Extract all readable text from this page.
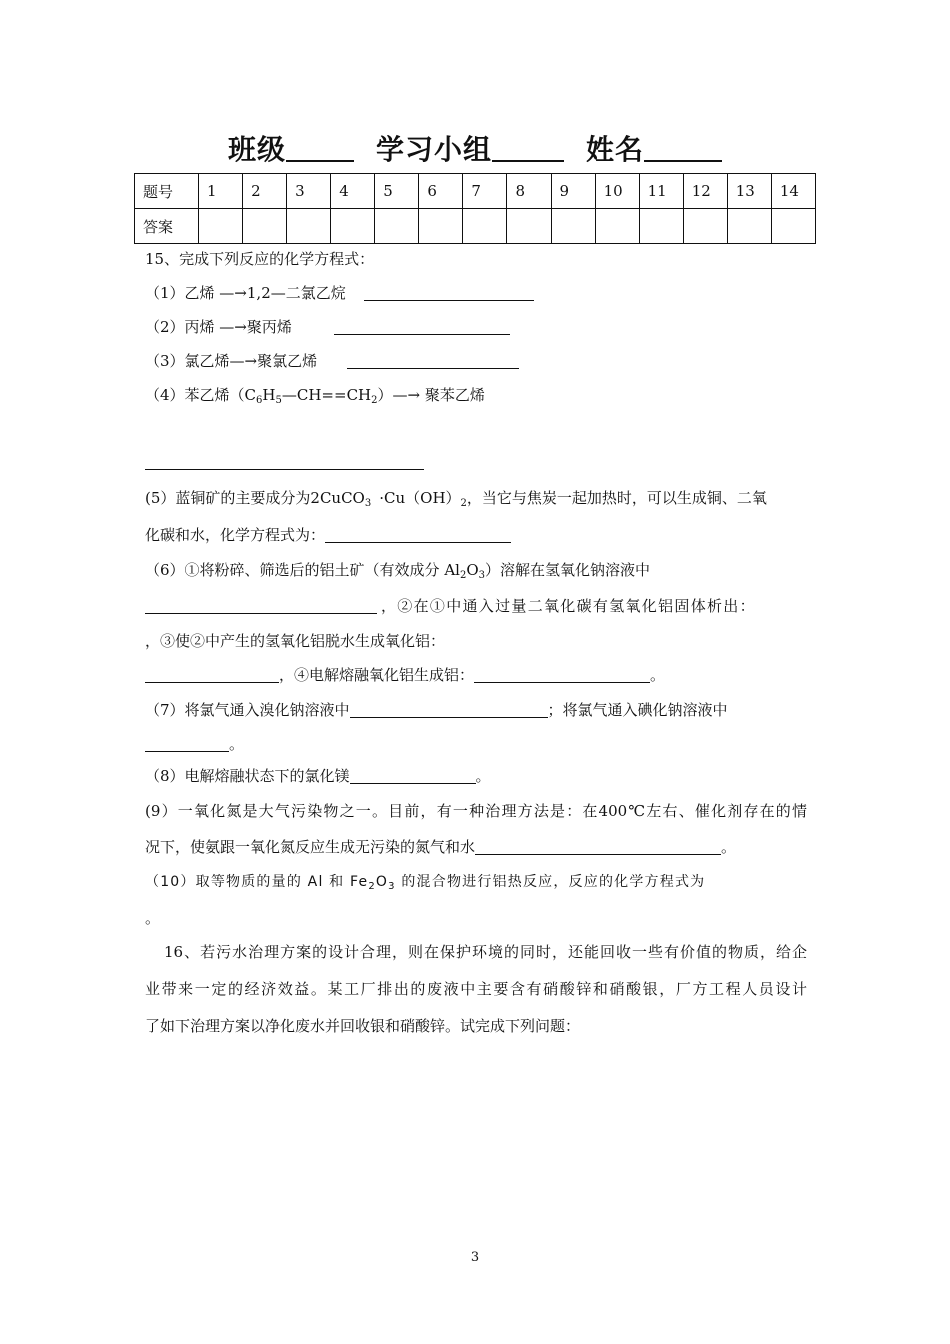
班级	学习小组	姓名
题号	1	2	3	4	5	6	7	8	9	10	11	12	13	14
答案														
15、完成下列反应的化学方程式：
（1）乙烯 —→1,2—二氯乙烷
（2）丙烯 —→聚丙烯
（3）氯乙烯—→聚氯乙烯
（4）苯乙烯$(C_6H_5—CH==CH_2)—\to$ 聚苯乙烯
(5）蓝铜矿的主要成分为2CuCO$_3$ $\cdot Cu(OH)_2$，当它与焦炭一起加热时，可以生成铜、二氧
化碳和水，化学方程式为：
（6）①将粉碎、筛选后的铝土矿（有效成分 $Al_2O_3$）溶解在氢氧化钠溶液中
，②在①中通入过量二氧化碳有氢氧化铝固体析出：
，③使②中产生的氢氧化铝脱水生成氧化铝：
，④电解熔融氧化铝生成铝：	。
（7）将氯气通入溴化钠溶液中	；将氯气通入碘化钠溶液中
。
（8）电解熔融状态下的氯化镁	。
(9）一氧化氮是大气污染物之一。目前，有一种治理方法是：在400℃左右、催化剂存在的情
况下，使氨跟一氧化氮反应生成无污染的氮气和水	。
（10）取等物质的量的 Al 和 $Fe_2O_3$ 的混合物进行铝热反应，反应的化学方程式为
。
16、若污水治理方案的设计合理，则在保护环境的同时，还能回收一些有价值的物质，给企
业带来一定的经济效益。某工厂排出的废液中主要含有硝酸锌和硝酸银，厂方工程人员设计
了如下治理方案以净化废水并回收银和硝酸锌。试完成下列问题：
3
